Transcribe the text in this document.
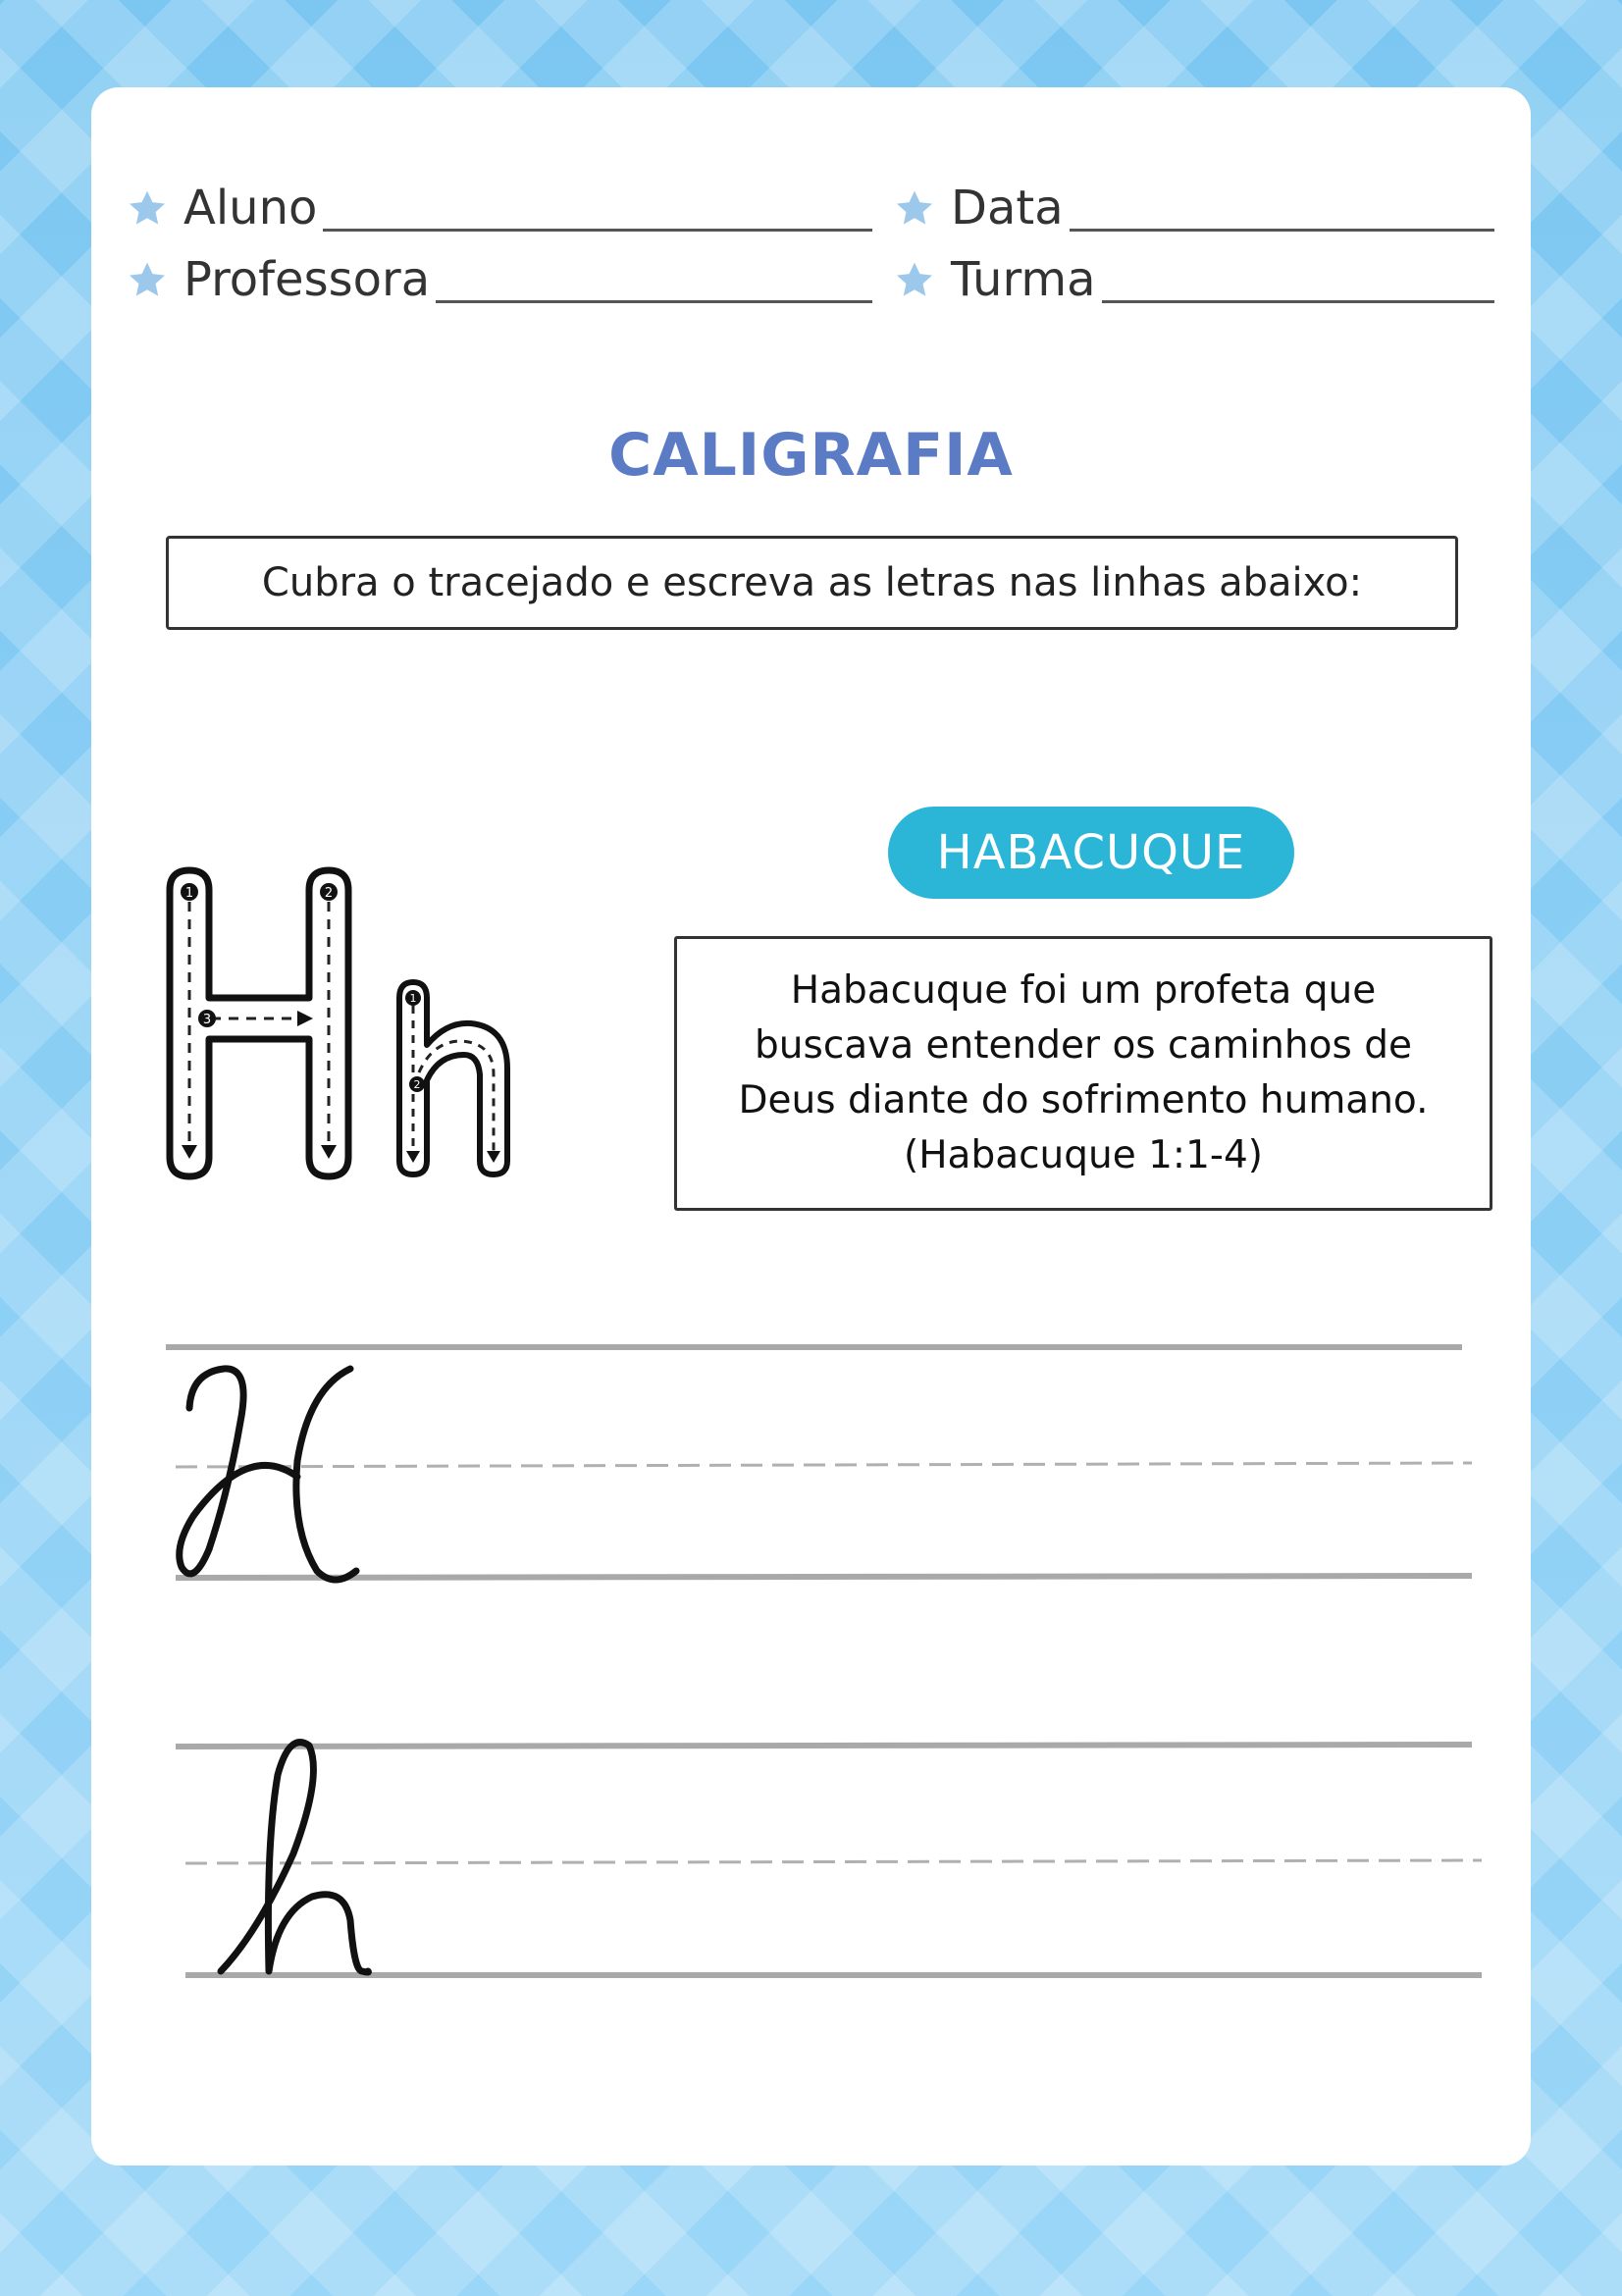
Aluno
Professora
Data
Turma
CALIGRAFIA
Cubra o tracejado e escreva as letras nas linhas abaixo:
1	2
3
1
2
HABACUQUE
Habacuque foi um profeta que
buscava entender os caminhos de
Deus diante do sofrimento humano.
(Habacuque 1:1-4)
